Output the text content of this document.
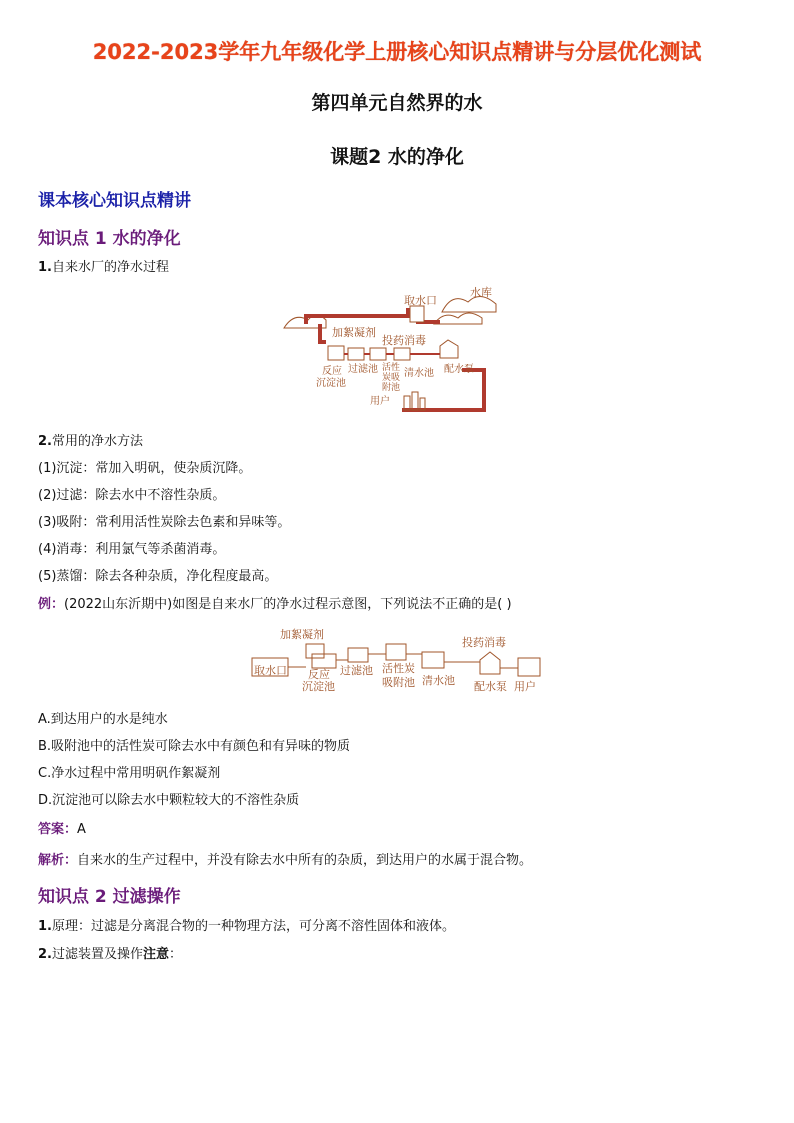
2022-2023学年九年级化学上册核心知识点精讲与分层优化测试
第四单元自然界的水
课题2 水的净化
课本核心知识点精讲
知识点 1 水的净化
1.自来水厂的净水过程
水库
取水口
加絮凝剂
投药消毒
反应
沉淀池
过滤池 活性
炭吸
附池
清水池 配水泵
用户
2.常用的净水方法
(1)沉淀：常加入明矾，使杂质沉降。
(2)过滤：除去水中不溶性杂质。
(3)吸附：常利用活性炭除去色素和异味等。
(4)消毒：利用氯气等杀菌消毒。
(5)蒸馏：除去各种杂质，净化程度最高。
例：(2022山东沂期中)如图是自来水厂的净水过程示意图，下列说法不正确的是( )
加絮凝剂
投药消毒
取水口 反应
沉淀池
过滤池 活性炭
吸附池 清水池 配水泵 用户
A.到达用户的水是纯水
B.吸附池中的活性炭可除去水中有颜色和有异味的物质
C.净水过程中常用明矾作絮凝剂
D.沉淀池可以除去水中颗粒较大的不溶性杂质
答案：A
解析：自来水的生产过程中，并没有除去水中所有的杂质，到达用户的水属于混合物。
知识点 2 过滤操作
1.原理：过滤是分离混合物的一种物理方法，可分离不溶性固体和液体。
2.过滤装置及操作注意：
